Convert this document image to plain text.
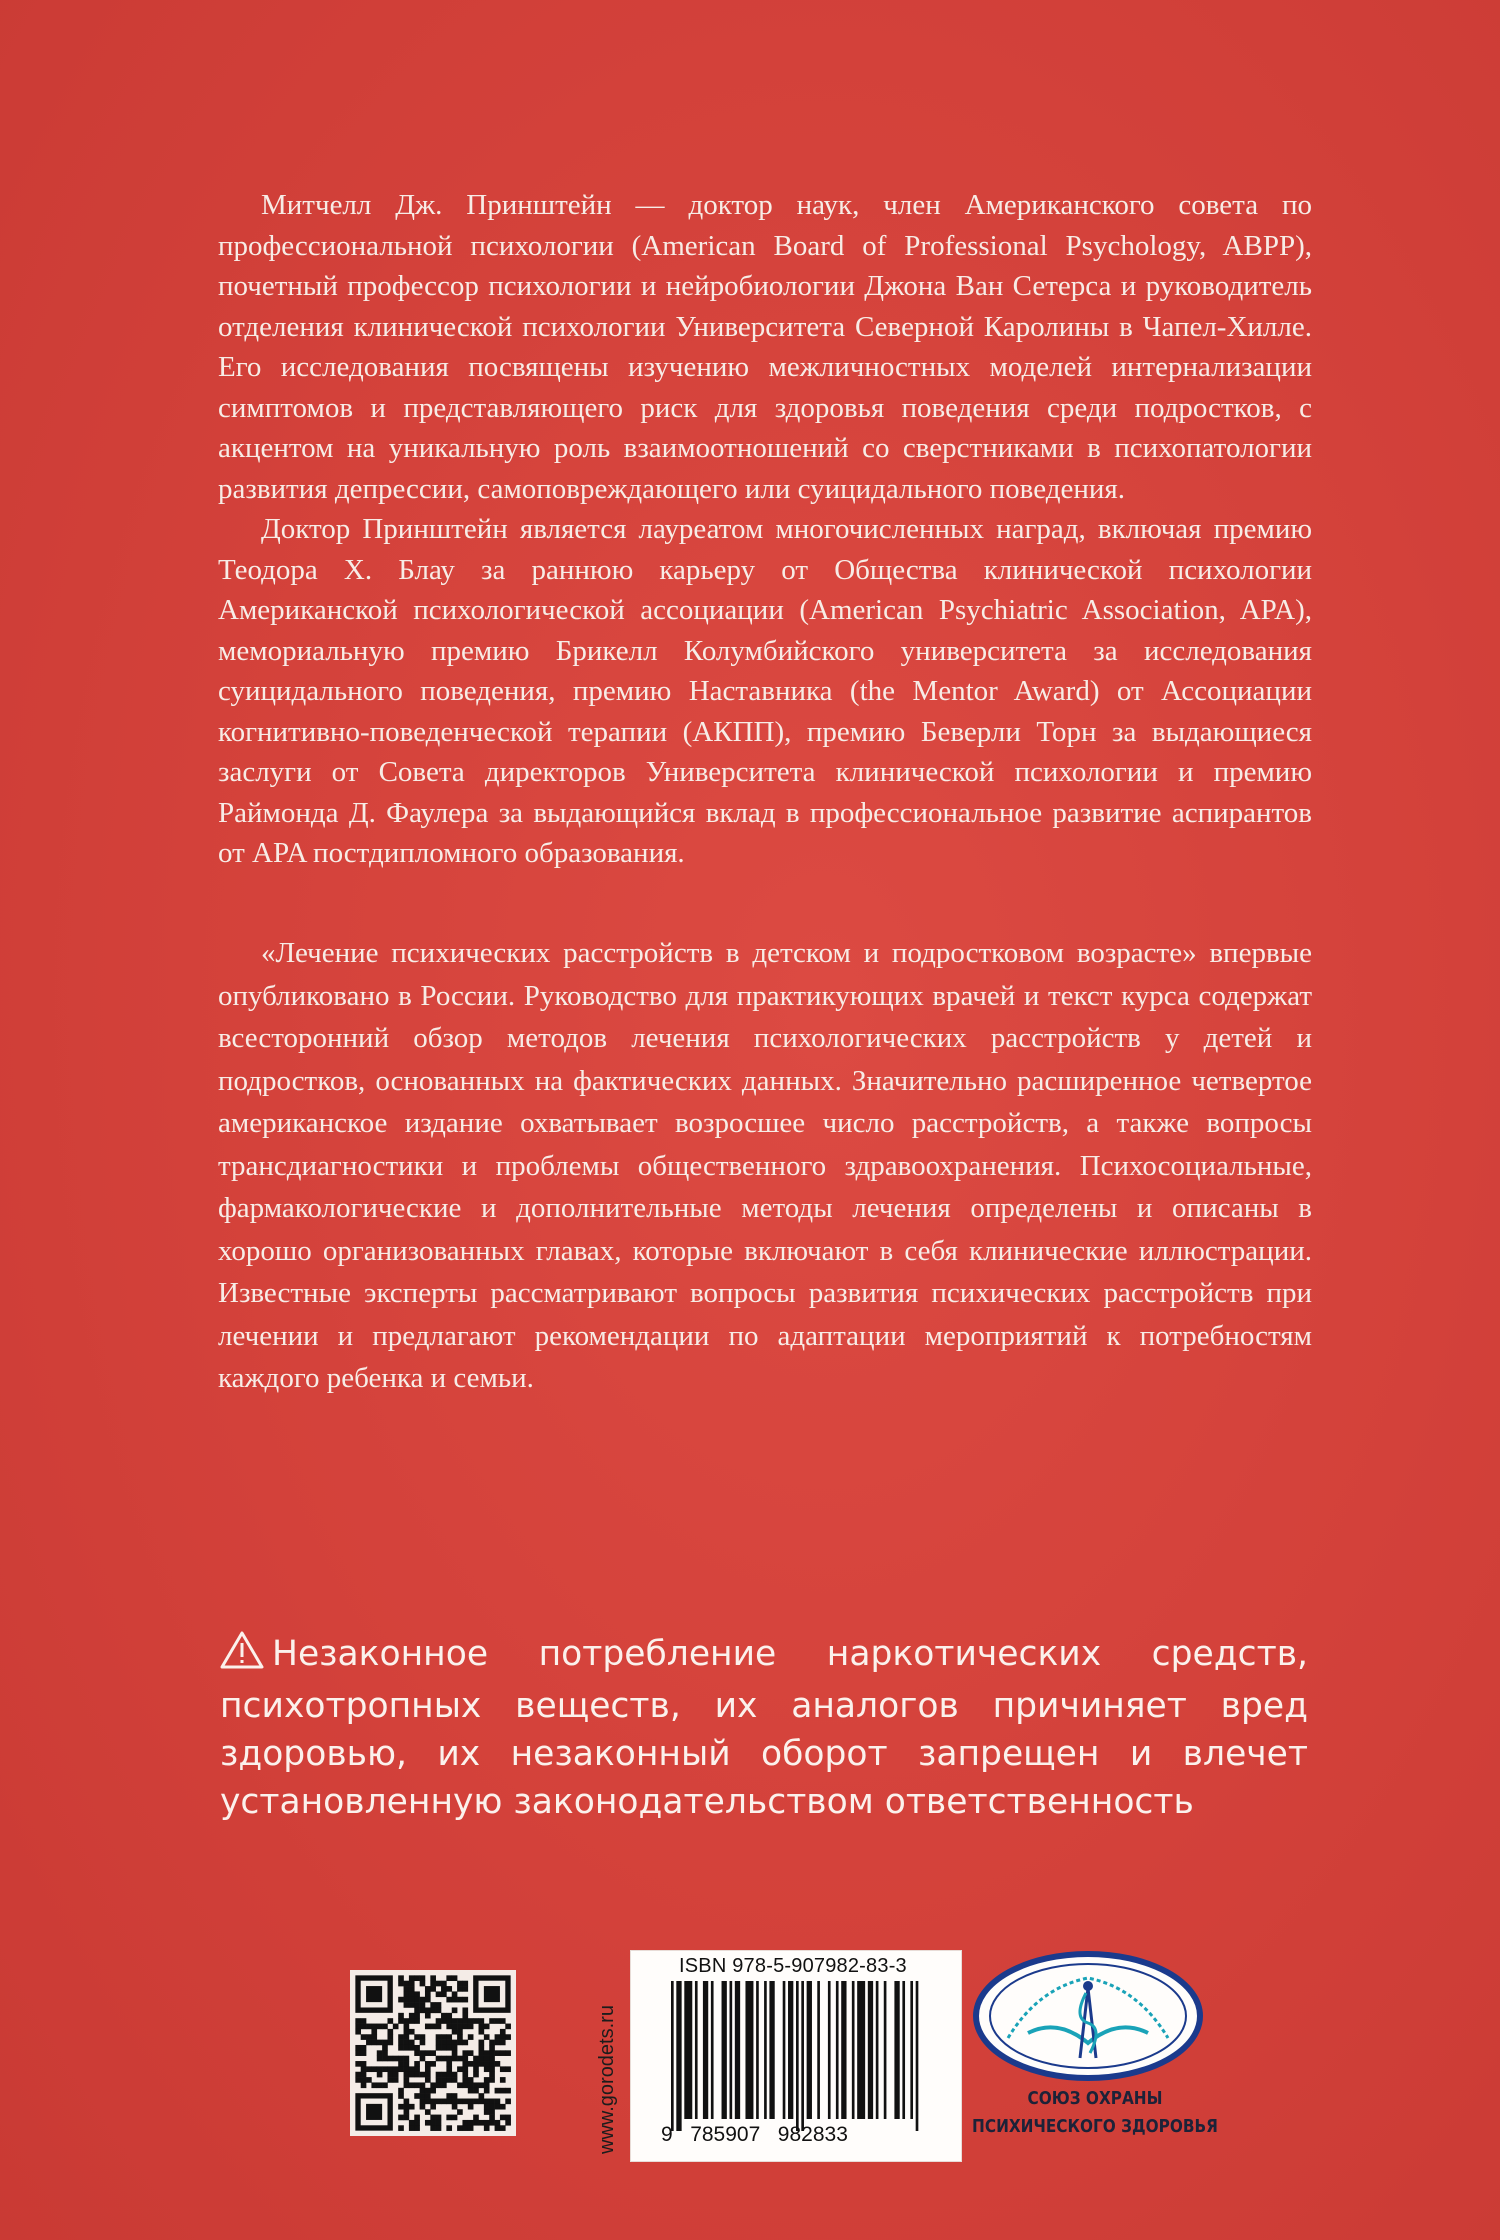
Митчелл Дж. Принштейн — доктор наук, член Американского совета по профессиональной психологии (American Board of Professional Psychology, ABPP), почетный профессор психологии и нейробиологии Джона Ван Сетерса и руководитель отделения клинической психологии Университета Северной Каролины в Чапел-Хилле. Его исследования посвящены изучению межличностных моделей интернализации симптомов и представляющего риск для здоровья поведения среди подростков, с акцентом на уникальную роль взаимоотношений со сверстниками в психопатологии развития депрессии, самоповреждающего или суицидального поведения.

Доктор Принштейн является лауреатом многочисленных наград, включая премию Теодора Х. Блау за раннюю карьеру от Общества клинической психологии Американской психологической ассоциации (American Psychiatric Association, APA), мемориальную премию Брикелл Колумбийского университета за исследования суицидального поведения, премию Наставника (the Mentor Award) от Ассоциации когнитивно-поведенческой терапии (АКПП), премию Беверли Торн за выдающиеся заслуги от Совета директоров Университета клинической психологии и премию Раймонда Д. Фаулера за выдающийся вклад в профессиональное развитие аспирантов от APA постдипломного образования.

«Лечение психических расстройств в детском и подростковом возрасте» впервые опубликовано в России. Руководство для практикующих врачей и текст курса содержат всесторонний обзор методов лечения психологических расстройств у детей и подростков, основанных на фактических данных. Значительно расширенное четвертое американское издание охватывает возросшее число расстройств, а также вопросы трансдиагностики и проблемы общественного здравоохранения. Психосоциальные, фармакологические и дополнительные методы лечения определены и описаны в хорошо организованных главах, которые включают в себя клинические иллюстрации. Известные эксперты рассматривают вопросы развития психических расстройств при лечении и предлагают рекомендации по адаптации мероприятий к потребностям каждого ребенка и семьи.

Незаконное потребление наркотических средств, психотропных веществ, их аналогов причиняет вред здоровью, их незаконный оборот запрещен и влечет установленную законодательством ответственность
www.gorodets.ru
ISBN 978-5-907982-83-3
9 785907 982833
СОЮЗ ОХРАНЫ
ПСИХИЧЕСКОГО ЗДОРОВЬЯ
